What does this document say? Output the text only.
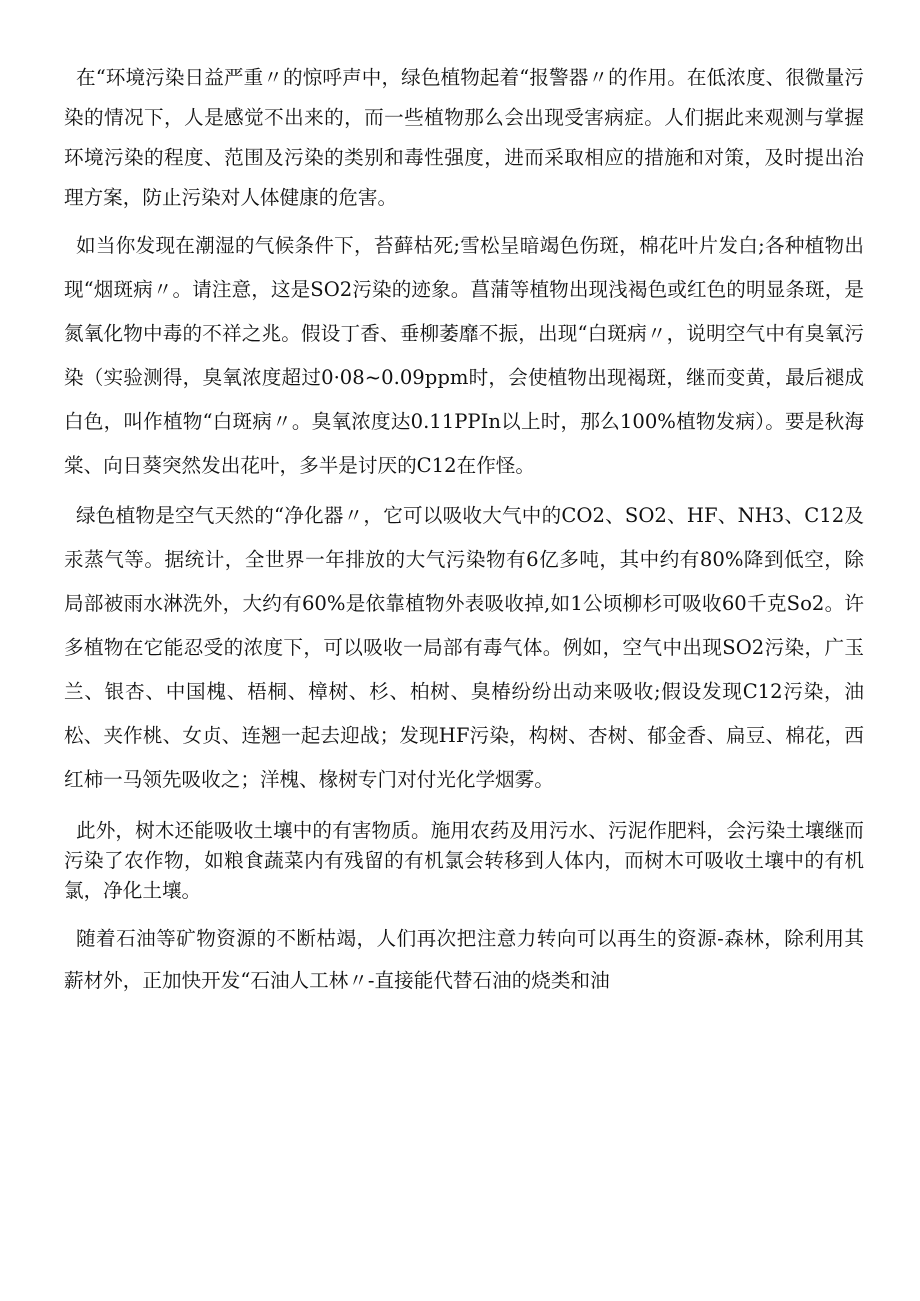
在“环境污染日益严重〃的惊呼声中，绿色植物起着“报警器〃的作用。在低浓度、很微量污染的情况下，人是感觉不出来的，而一些植物那么会出现受害病症。人们据此来观测与掌握环境污染的程度、范围及污染的类别和毒性强度，进而采取相应的措施和对策，及时提出治理方案，防止污染对人体健康的危害。

如当你发现在潮湿的气候条件下，苔藓枯死;雪松呈暗竭色伤斑，棉花叶片发白;各种植物出现“烟斑病〃。请注意，这是SO2污染的迹象。菖蒲等植物出现浅褐色或红色的明显条斑，是氮氧化物中毒的不祥之兆。假设丁香、垂柳萎靡不振，出现“白斑病〃，说明空气中有臭氧污染（实验测得，臭氧浓度超过0·08~0.09ppm时，会使植物出现褐斑，继而变黄，最后褪成白色，叫作植物“白斑病〃。臭氧浓度达0.11PPIn以上时，那么100%植物发病）。要是秋海棠、向日葵突然发出花叶，多半是讨厌的C12在作怪。

绿色植物是空气天然的“净化器〃，它可以吸收大气中的CO2、SO2、HF、NH3、C12及汞蒸气等。据统计，全世界一年排放的大气污染物有6亿多吨，其中约有80%降到低空，除局部被雨水淋洗外，大约有60%是依靠植物外表吸收掉,如1公顷柳杉可吸收60千克So2。许多植物在它能忍受的浓度下，可以吸收一局部有毒气体。例如，空气中出现SO2污染，广玉兰、银杏、中国槐、梧桐、樟树、杉、柏树、臭椿纷纷出动来吸收;假设发现C12污染，油松、夹作桃、女贞、连翘一起去迎战；发现HF污染，构树、杏树、郁金香、扁豆、棉花，西红柿一马领先吸收之；洋槐、椽树专门对付光化学烟雾。

此外，树木还能吸收土壤中的有害物质。施用农药及用污水、污泥作肥料，会污染土壤继而污染了农作物，如粮食蔬菜内有残留的有机氯会转移到人体内，而树木可吸收土壤中的有机氯，净化土壤。

随着石油等矿物资源的不断枯竭，人们再次把注意力转向可以再生的资源-森林，除利用其薪材外，正加快开发“石油人工林〃-直接能代替石油的烧类和油
